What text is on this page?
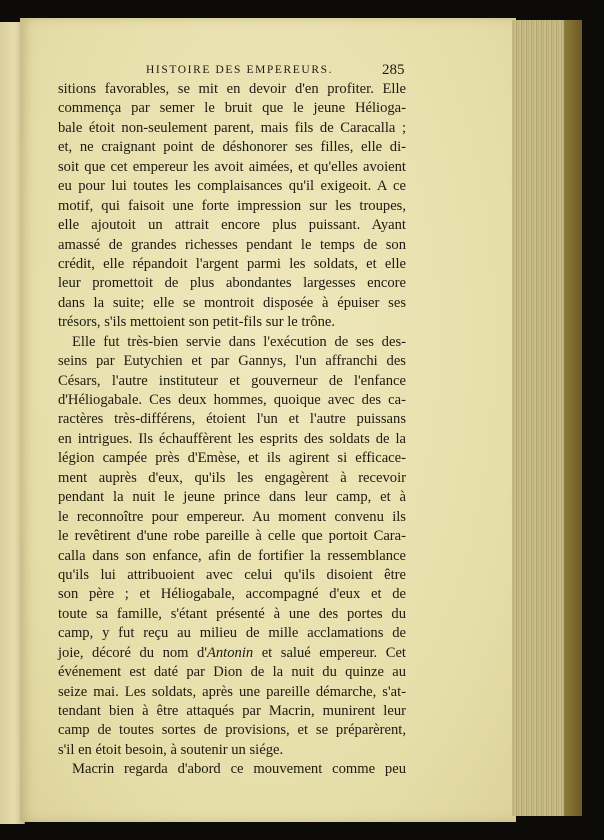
HISTOIRE DES EMPEREURS.	285
sitions favorables, se mit en devoir d'en profiter. Elle
commença par semer le bruit que le jeune Hélioga-
bale étoit non-seulement parent, mais fils de Caracalla ;
et, ne craignant point de déshonorer ses filles, elle di-
soit que cet empereur les avoit aimées, et qu'elles avoient
eu pour lui toutes les complaisances qu'il exigeoit. A ce
motif, qui faisoit une forte impression sur les troupes,
elle ajoutoit un attrait encore plus puissant. Ayant
amassé de grandes richesses pendant le temps de son
crédit, elle répandoit l'argent parmi les soldats, et elle
leur promettoit de plus abondantes largesses encore
dans la suite; elle se montroit disposée à épuiser ses
trésors, s'ils mettoient son petit-fils sur le trône.
Elle fut très-bien servie dans l'exécution de ses des-
seins par Eutychien et par Gannys, l'un affranchi des
Césars, l'autre instituteur et gouverneur de l'enfance
d'Héliogabale. Ces deux hommes, quoique avec des ca-
ractères très-différens, étoient l'un et l'autre puissans
en intrigues. Ils échauffèrent les esprits des soldats de la
légion campée près d'Emèse, et ils agirent si efficace-
ment auprès d'eux, qu'ils les engagèrent à recevoir
pendant la nuit le jeune prince dans leur camp, et à
le reconnoître pour empereur. Au moment convenu ils
le revêtirent d'une robe pareille à celle que portoit Cara-
calla dans son enfance, afin de fortifier la ressemblance
qu'ils lui attribuoient avec celui qu'ils disoient être
son père ; et Héliogabale, accompagné d'eux et de
toute sa famille, s'étant présenté à une des portes du
camp, y fut reçu au milieu de mille acclamations de
joie, décoré du nom d'Antonin et salué empereur. Cet
événement est daté par Dion de la nuit du quinze au
seize mai. Les soldats, après une pareille démarche, s'at-
tendant bien à être attaqués par Macrin, munirent leur
camp de toutes sortes de provisions, et se préparèrent,
s'il en étoit besoin, à soutenir un siége.
Macrin regarda d'abord ce mouvement comme peu
